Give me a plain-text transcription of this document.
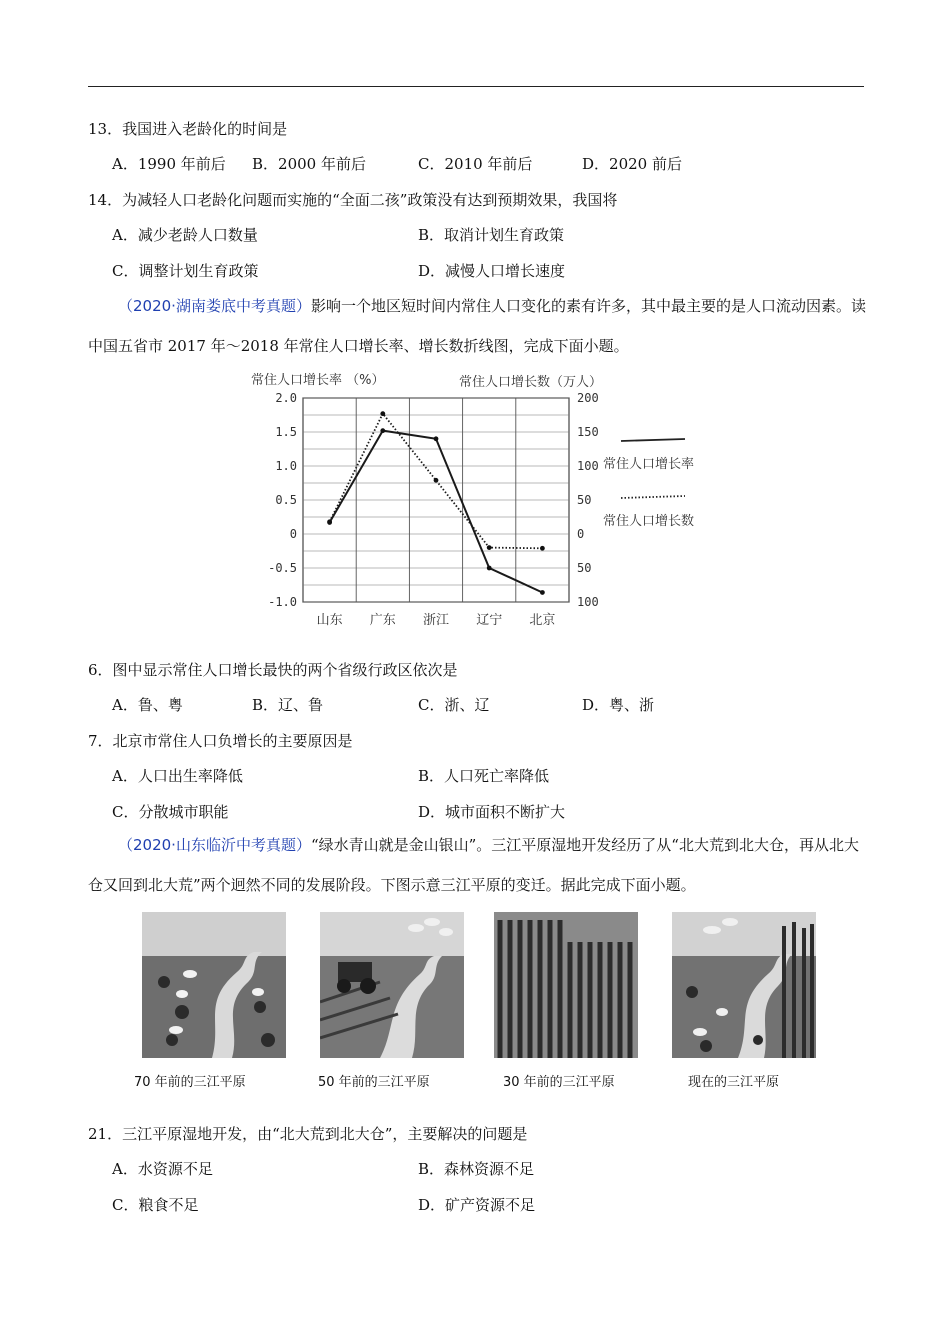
13．我国进入老龄化的时间是
A．1990 年前后 B．2000 年前后	C．2010 年前后	D．2020 前后
14．为减轻人口老龄化问题而实施的“全面二孩”政策没有达到预期效果，我国将
A．减少老龄人口数量	B．取消计划生育政策
C．调整计划生育政策	D．减慢人口增长速度
（2020·湖南娄底中考真题）影响一个地区短时间内常住人口变化的素有许多，其中最主要的是人口流动因素。读中国五省市 2017 年～2018 年常住人口增长率、增长数折线图，完成下面小题。
常住人口增长率 （%）	常住人口增长数（万人）
2.0
1.5
1.0
0.5
0
-0.5
-1.0
200
150
100
50
0
50
100
山东 广东 浙江 辽宁 北京
常住人口增长率
常住人口增长数
6．图中显示常住人口增长最快的两个省级行政区依次是
A．鲁、粤	B．辽、鲁	C．浙、辽	D．粤、浙
7．北京市常住人口负增长的主要原因是
A．人口出生率降低	B．人口死亡率降低
C．分散城市职能	D．城市面积不断扩大
（2020·山东临沂中考真题）“绿水青山就是金山银山”。三江平原湿地开发经历了从“北大荒到北大仓，再从北大仓又回到北大荒”两个迥然不同的发展阶段。下图示意三江平原的变迁。据此完成下面小题。
70 年前的三江平原	50 年前的三江平原	30 年前的三江平原	现在的三江平原
21．三江平原湿地开发，由“北大荒到北大仓”，主要解决的问题是
A．水资源不足	B．森林资源不足
C．粮食不足	D．矿产资源不足
